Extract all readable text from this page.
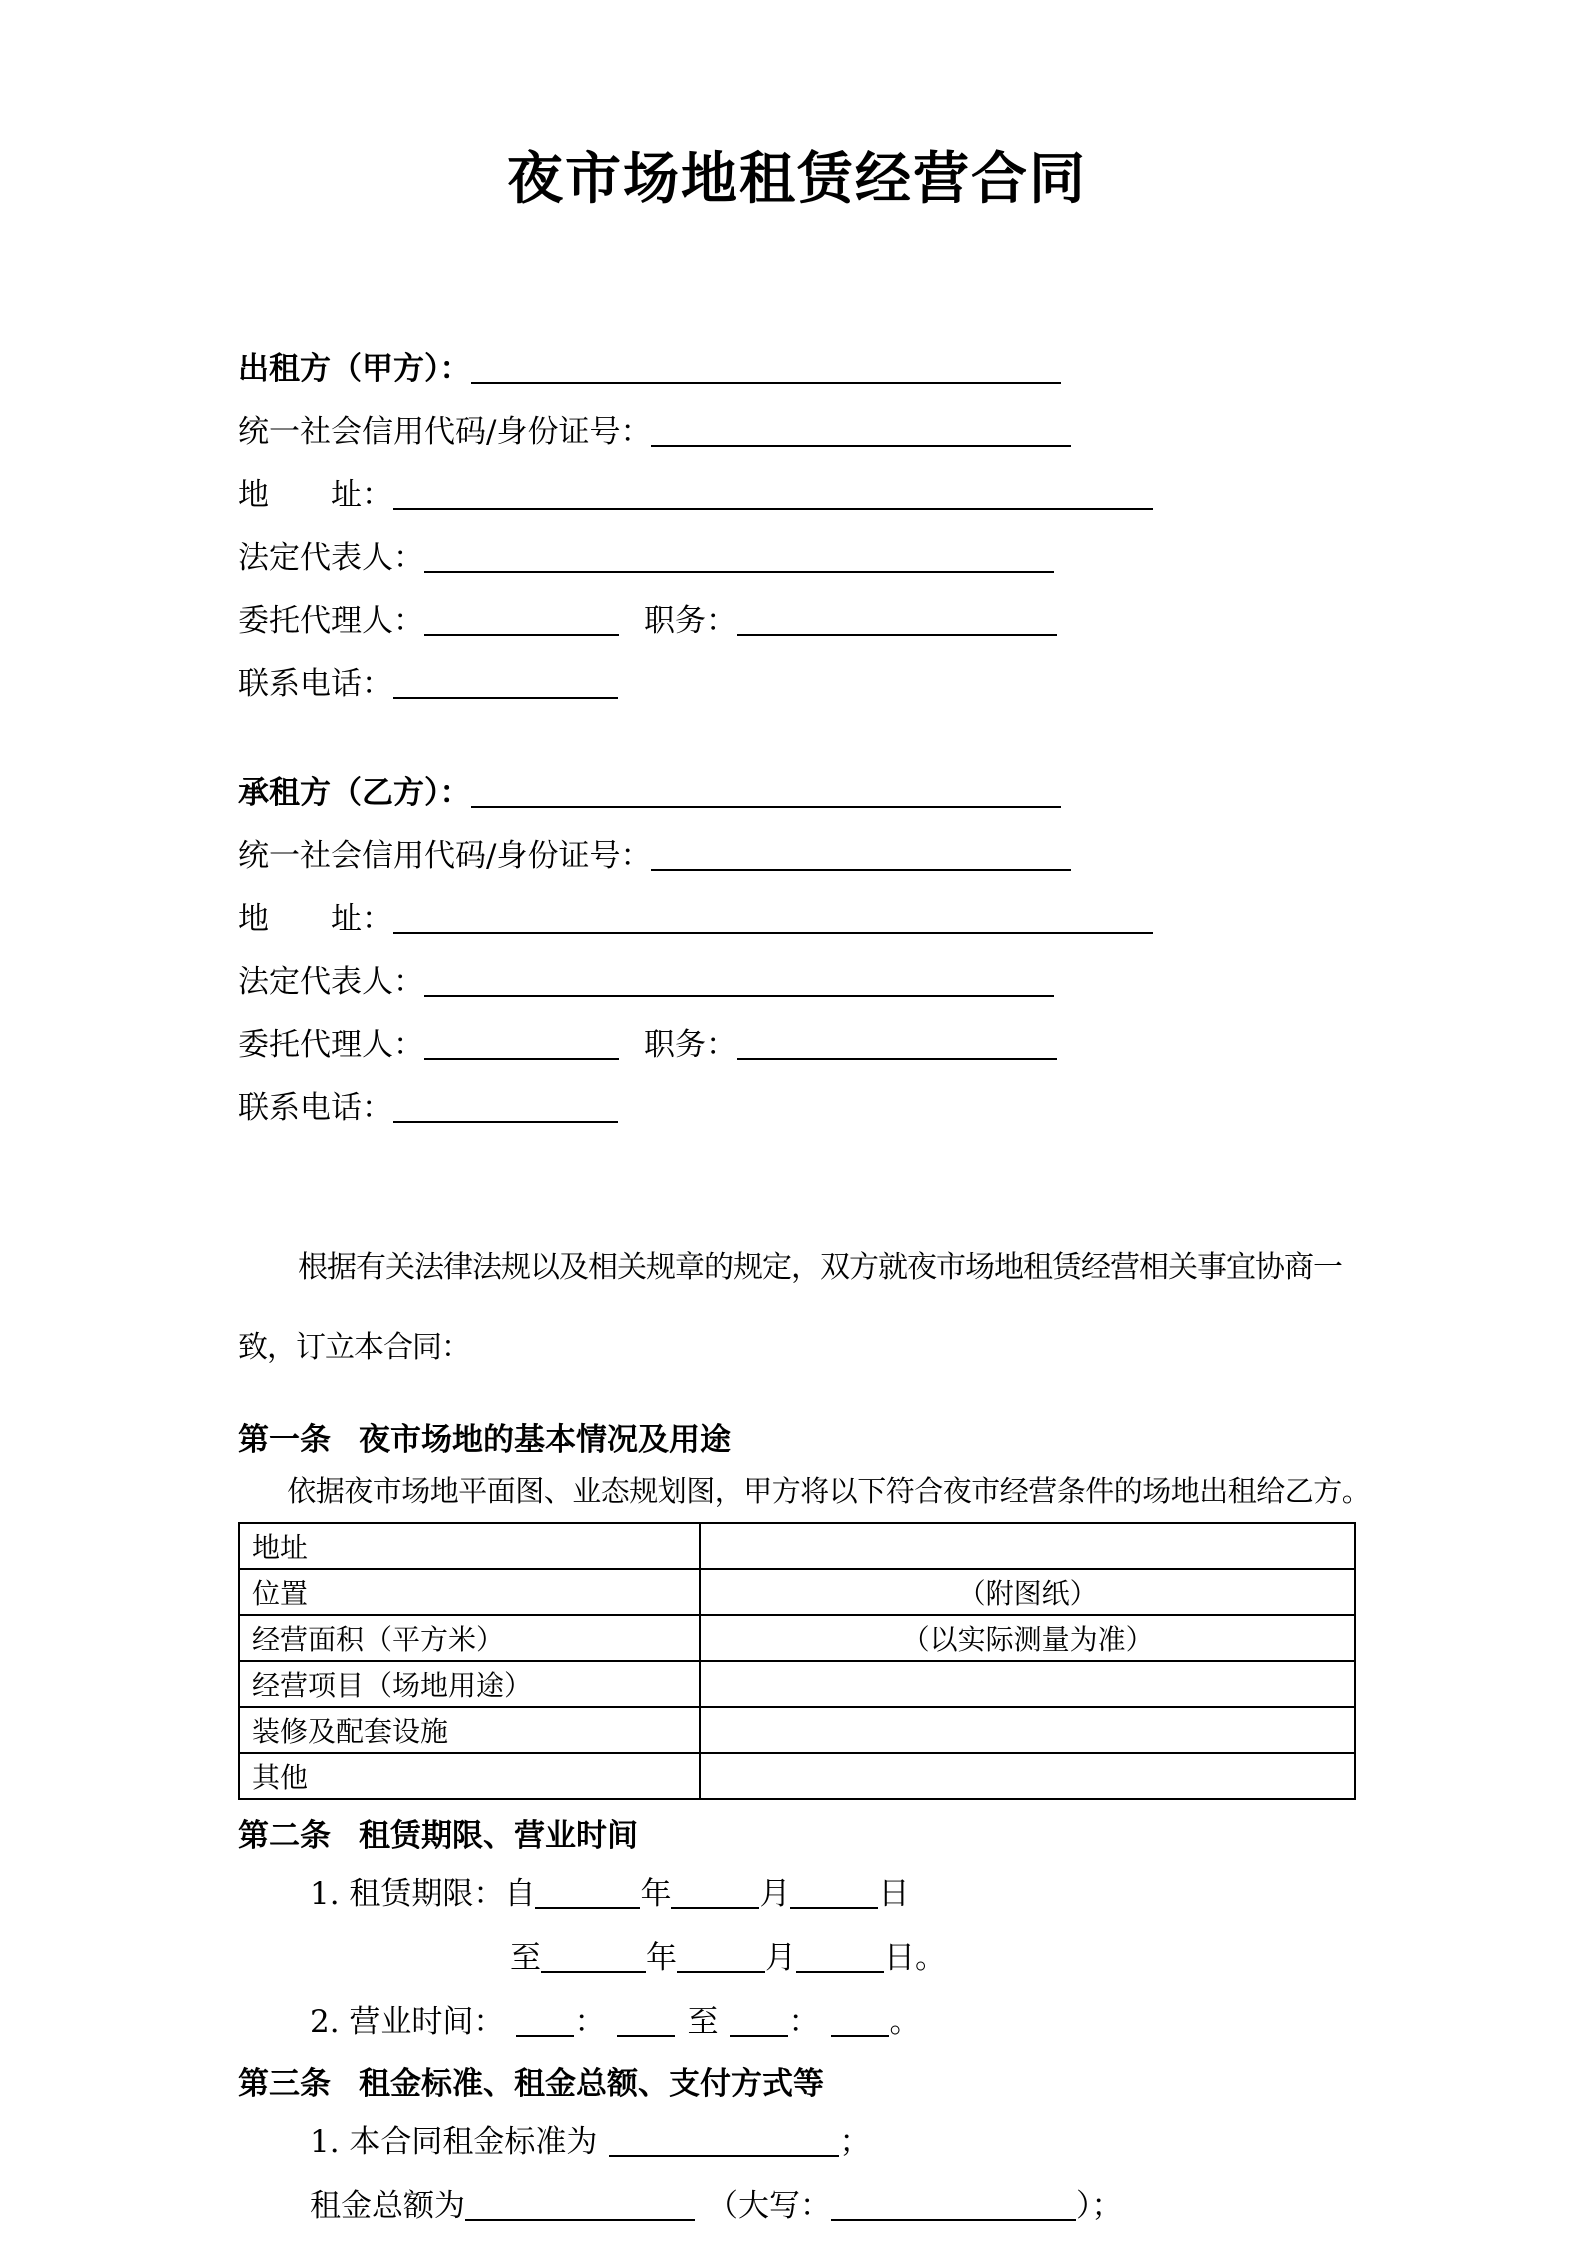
夜市场地租赁经营合同
出租方（甲方）：
统一社会信用代码/身份证号：
地　　址：
法定代表人：
委托代理人：	职务：
联系电话：
承租方（乙方）：
统一社会信用代码/身份证号：
地　　址：
法定代表人：
委托代理人：	职务：
联系电话：

根据有关法律法规以及相关规章的规定，双方就夜市场地租赁经营相关事宜协商一致，订立本合同：

第一条 夜市场地的基本情况及用途

依据夜市场地平面图、业态规划图，甲方将以下符合夜市经营条件的场地出租给乙方。

地址	
位置	（附图纸）
经营面积（平方米）	（以实际测量为准）
经营项目（场地用途）	
装修及配套设施	
其他	
第二条 租赁期限、营业时间
1. 租赁期限：自	年	月	日
至	年	月	日。
2. 营业时间： ：	至 ： 。
第三条 租金标准、租金总额、支付方式等
1. 本合同租金标准为	；
租金总额为	（大写：	）；
